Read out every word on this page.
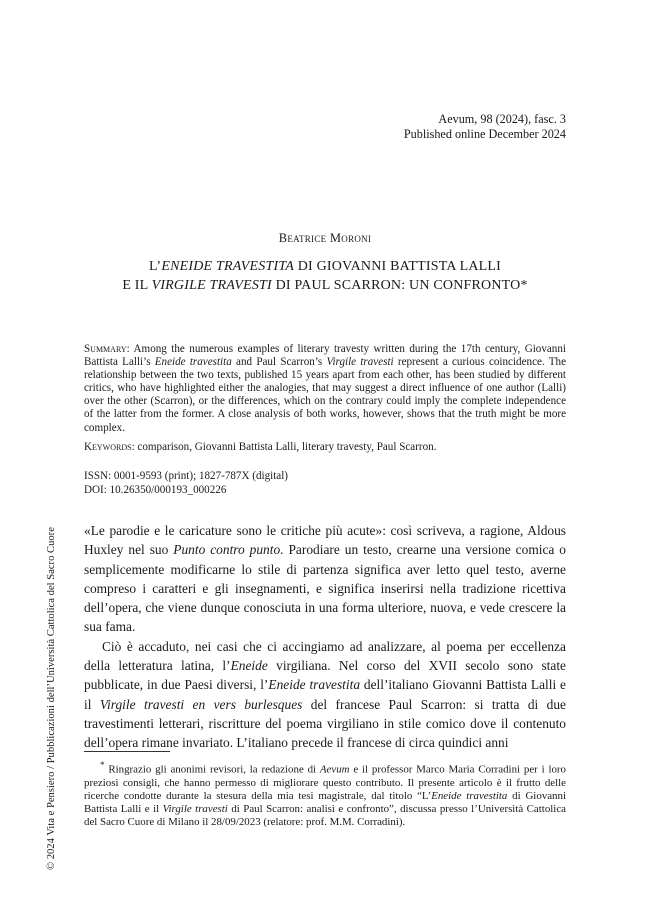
Aevum, 98 (2024), fasc. 3
Published online December 2024
Beatrice Moroni
L’ENEIDE TRAVESTITA DI GIOVANNI BATTISTA LALLI
E IL VIRGILE TRAVESTI DI PAUL SCARRON: UN CONFRONTO*
Summary: Among the numerous examples of literary travesty written during the 17th century, Giovanni Battista Lalli’s Eneide travestita and Paul Scarron’s Virgile travesti represent a curious coincidence. The relationship between the two texts, published 15 years apart from each other, has been studied by different critics, who have highlighted either the analogies, that may suggest a direct influence of one author (Lalli) over the other (Scarron), or the differences, which on the contrary could imply the complete independence of the latter from the former. A close analysis of both works, however, shows that the truth might be more complex.
Keywords: comparison, Giovanni Battista Lalli, literary travesty, Paul Scarron.
ISSN: 0001-9593 (print); 1827-787X (digital)
DOI: 10.26350/000193_000226

«Le parodie e le caricature sono le critiche più acute»: così scriveva, a ragione, Aldous Huxley nel suo Punto contro punto. Parodiare un testo, crearne una versione comica o semplicemente modificarne lo stile di partenza significa aver letto quel testo, averne compreso i caratteri e gli insegnamenti, e significa inserirsi nella tradizione ricettiva dell’opera, che viene dunque conosciuta in una forma ulteriore, nuova, e vede crescere la sua fama.

Ciò è accaduto, nei casi che ci accingiamo ad analizzare, al poema per eccellenza della letteratura latina, l’Eneide virgiliana. Nel corso del XVII secolo sono state pubblicate, in due Paesi diversi, l’Eneide travestita dell’italiano Giovanni Battista Lalli e il Virgile travesti en vers burlesques del francese Paul Scarron: si tratta di due travestimenti letterari, riscritture del poema virgiliano in stile comico dove il contenuto dell’opera rimane invariato. L’italiano precede il francese di circa quindici anni

* Ringrazio gli anonimi revisori, la redazione di Aevum e il professor Marco Maria Corradini per i loro preziosi consigli, che hanno permesso di migliorare questo contributo. Il presente articolo è il frutto delle ricerche condotte durante la stesura della mia tesi magistrale, dal titolo “L’Eneide travestita di Giovanni Battista Lalli e il Virgile travesti di Paul Scarron: analisi e confronto”, discussa presso l’Università Cattolica del Sacro Cuore di Milano il 28/09/2023 (relatore: prof. M.M. Corradini).
© 2024 Vita e Pensiero / Pubblicazioni dell’Università Cattolica del Sacro Cuore
